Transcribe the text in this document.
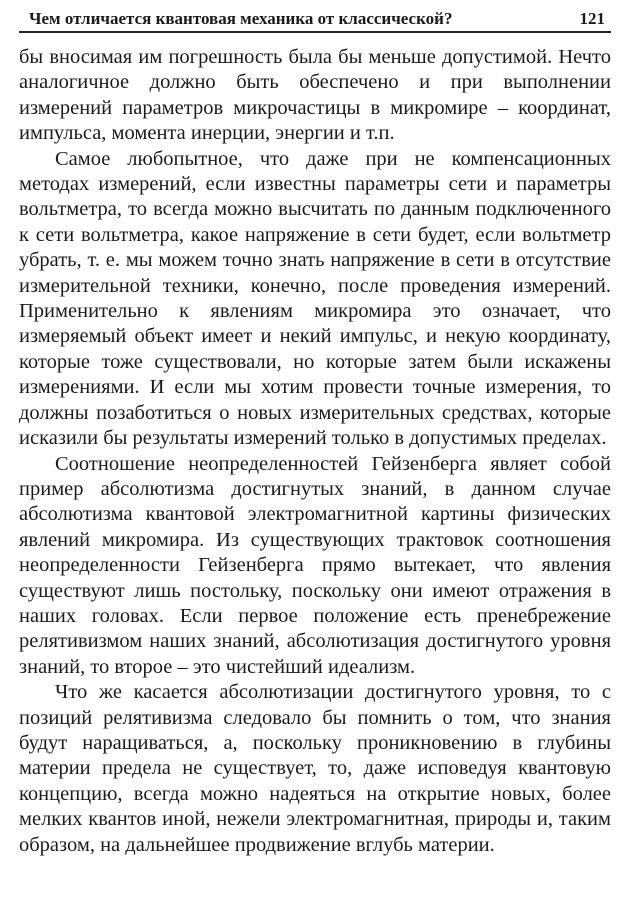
Чем отличается квантовая механика от классической?	121

бы вносимая им погрешность была бы меньше допустимой. Нечто аналогичное должно быть обеспечено и при выполнении измерений параметров микрочастицы в микромире – координат, импульса, момента инерции, энергии и т.п.

Самое любопытное, что даже при не компенсационных методах измерений, если известны параметры сети и параметры вольтметра, то всегда можно высчитать по данным подключенного к сети вольтметра, какое напряжение в сети будет, если вольтметр убрать, т. е. мы можем точно знать напряжение в сети в отсутствие измерительной техники, конечно, после проведения измерений. Применительно к явлениям микромира это означает, что измеряемый объект имеет и некий импульс, и некую координату, которые тоже существовали, но которые затем были искажены измерениями. И если мы хотим провести точные измерения, то должны позаботиться о новых измерительных средствах, которые исказили бы результаты измерений только в допустимых пределах.

Соотношение неопределенностей Гейзенберга являет собой пример абсолютизма достигнутых знаний, в данном случае абсолютизма квантовой электромагнитной картины физических явлений микромира. Из существующих трактовок соотношения неопределенности Гейзенберга прямо вытекает, что явления существуют лишь постольку, поскольку они имеют отражения в наших головах. Если первое положение есть пренебрежение релятивизмом наших знаний, абсолютизация достигнутого уровня знаний, то второе – это чистейший идеализм.

Что же касается абсолютизации достигнутого уровня, то с позиций релятивизма следовало бы помнить о том, что знания будут наращиваться, а, поскольку проникновению в глубины материи предела не существует, то, даже исповедуя квантовую концепцию, всегда можно надеяться на открытие новых, более мелких квантов иной, нежели электромагнитная, природы и, таким образом, на дальнейшее продвижение вглубь материи.
